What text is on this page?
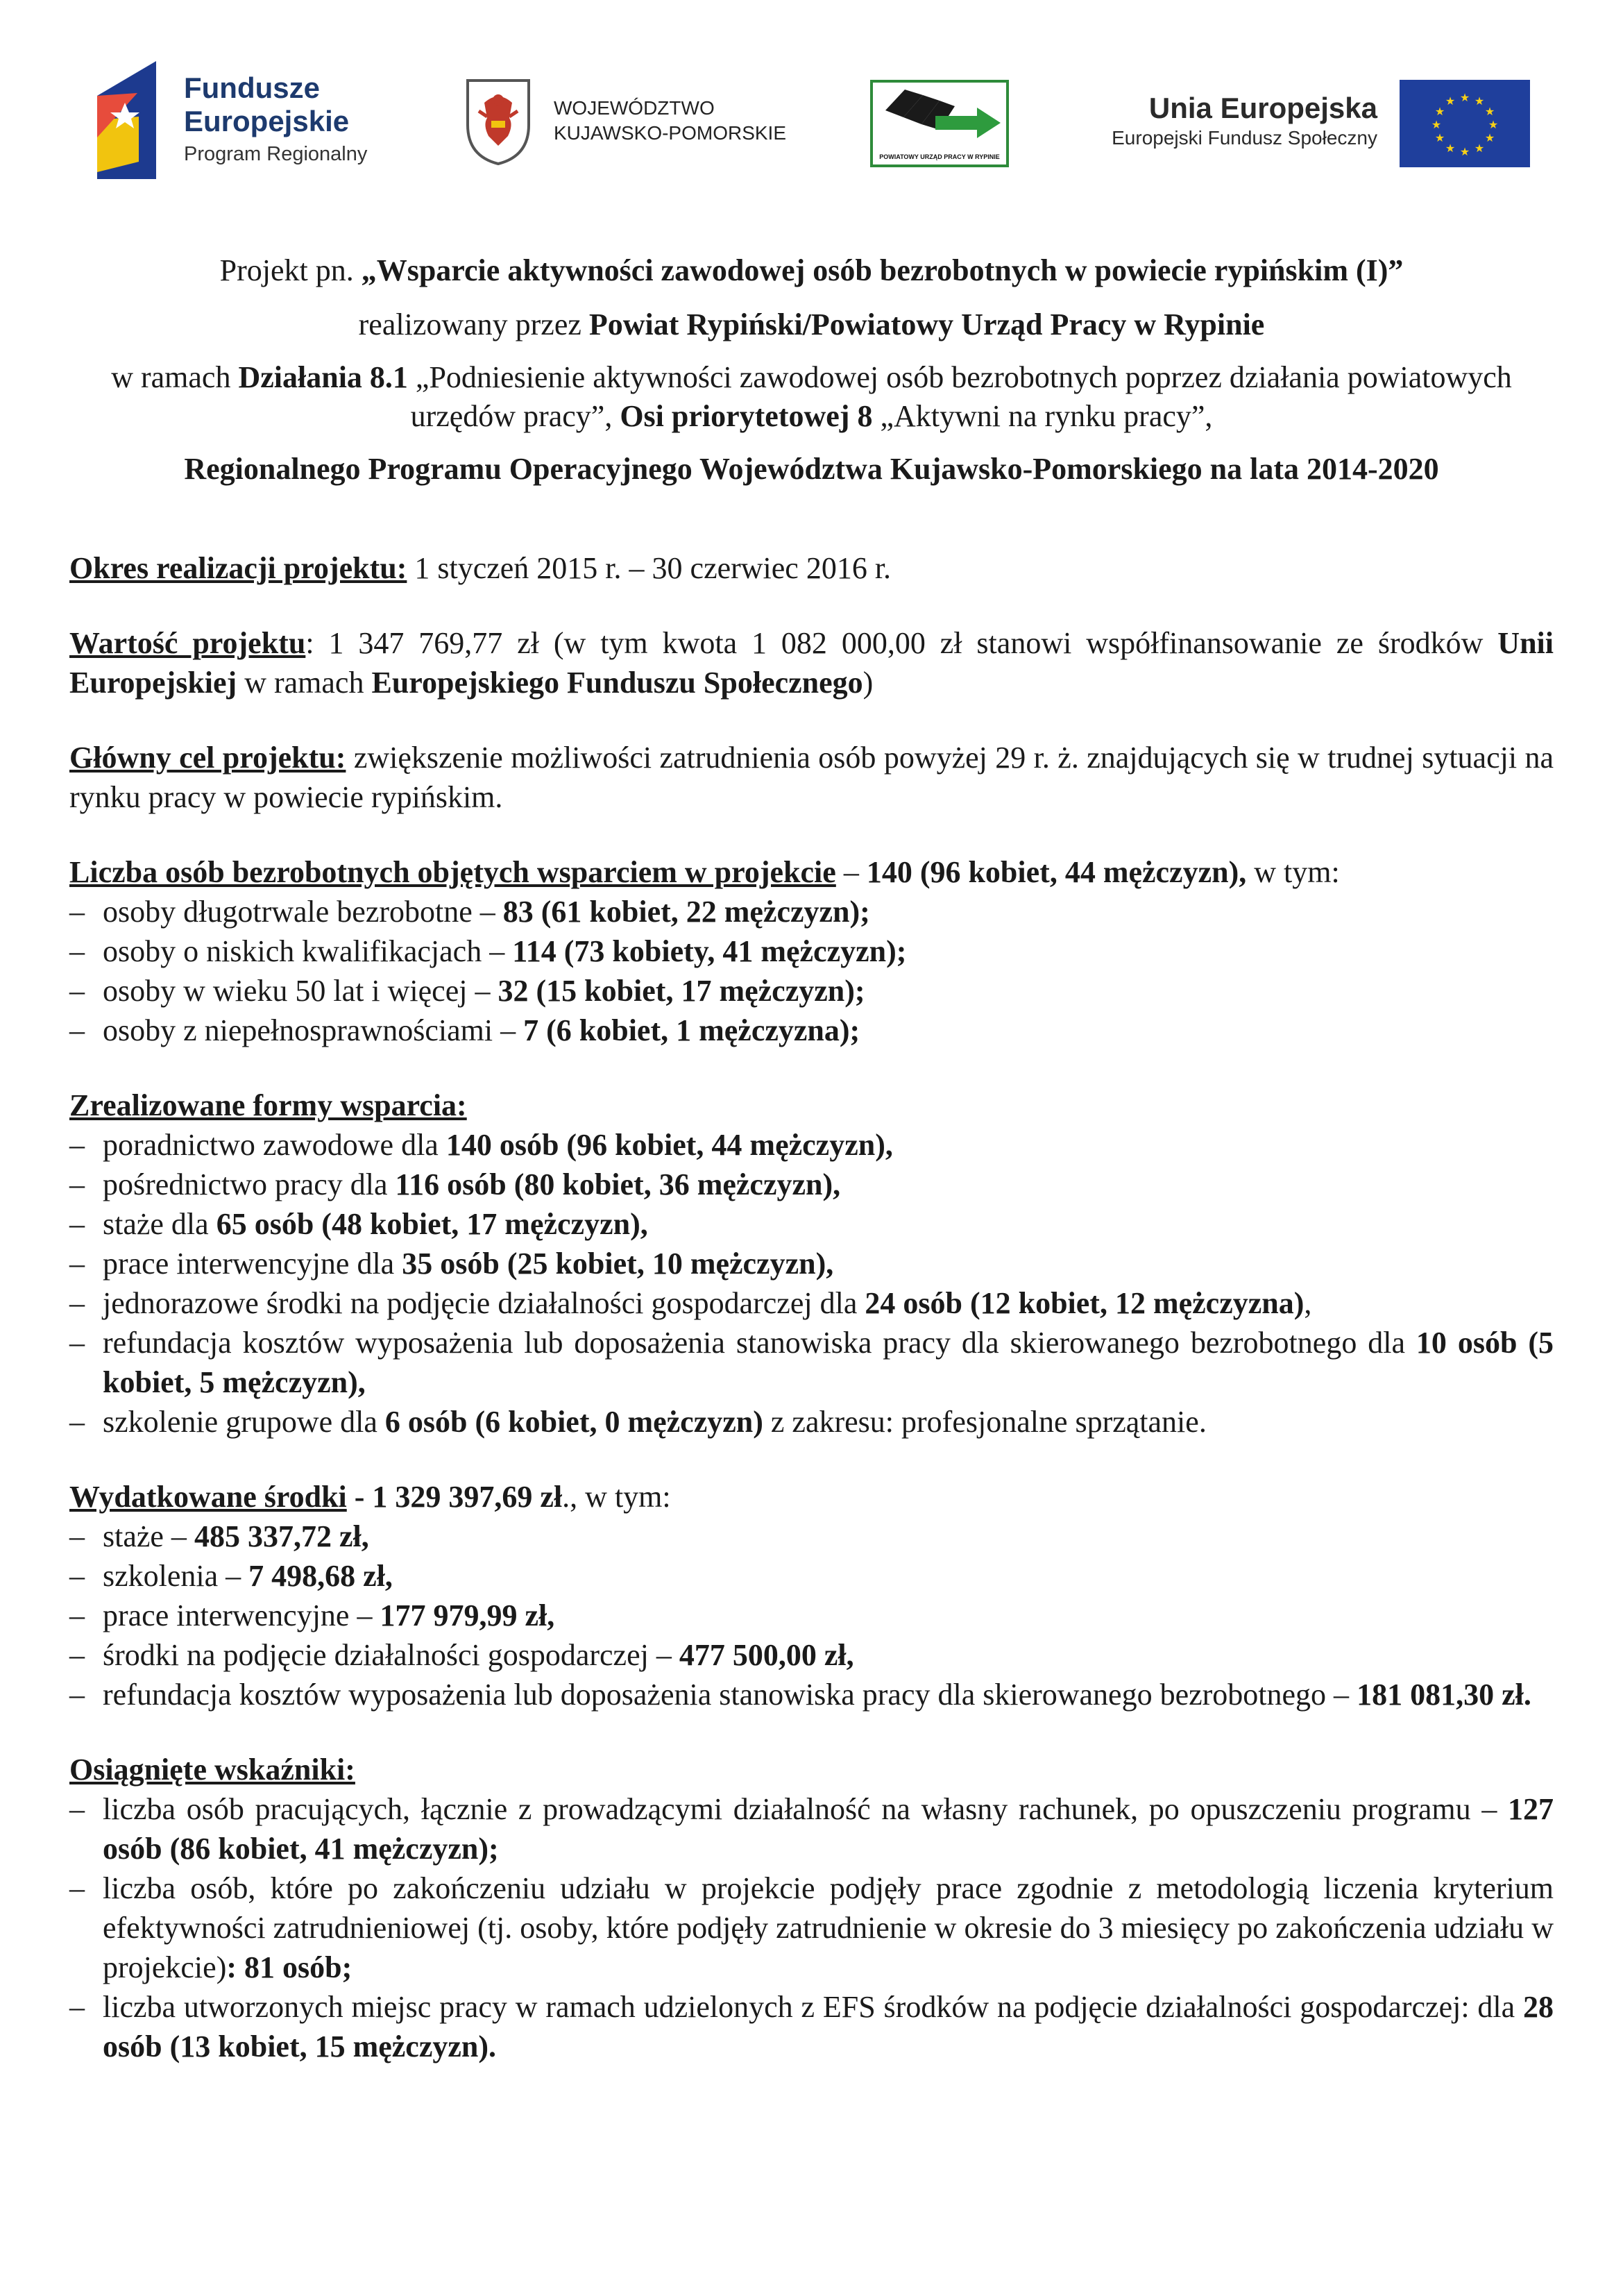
Fundusze
Europejskie
Program Regionalny
WOJEWÓDZTWO
KUJAWSKO-POMORSKIE
POWIATOWY URZĄD PRACY W RYPINIE
Unia Europejska
Europejski Fundusz Społeczny
★ ★
★
★
★
★
★
★
★
★
★
★

Projekt pn. „Wsparcie aktywności zawodowej osób bezrobotnych w powiecie rypińskim (I)”

realizowany przez Powiat Rypiński/Powiatowy Urząd Pracy w Rypinie

w ramach Działania 8.1 „Podniesienie aktywności zawodowej osób bezrobotnych poprzez działania powiatowych urzędów pracy”, Osi priorytetowej 8 „Aktywni na rynku pracy”,

Regionalnego Programu Operacyjnego Województwa Kujawsko-Pomorskiego na lata 2014-2020

Okres realizacji projektu: 1 styczeń 2015 r. – 30 czerwiec 2016 r.

Wartość projektu: 1 347 769,77 zł (w tym kwota 1 082 000,00 zł stanowi współfinansowanie ze środków Unii Europejskiej w ramach Europejskiego Funduszu Społecznego)

Główny cel projektu: zwiększenie możliwości zatrudnienia osób powyżej 29 r. ż. znajdujących się w trudnej sytuacji na rynku pracy w powiecie rypińskim.

Liczba osób bezrobotnych objętych wsparciem w projekcie – 140 (96 kobiet, 44 mężczyzn), w tym:

– osoby długotrwale bezrobotne – 83 (61 kobiet, 22 mężczyzn);
– osoby o niskich kwalifikacjach – 114 (73 kobiety, 41 mężczyzn);
– osoby w wieku 50 lat i więcej – 32 (15 kobiet, 17 mężczyzn);
– osoby z niepełnosprawnościami – 7 (6 kobiet, 1 mężczyzna);

Zrealizowane formy wsparcia:

– poradnictwo zawodowe dla 140 osób (96 kobiet, 44 mężczyzn),
– pośrednictwo pracy dla 116 osób (80 kobiet, 36 mężczyzn),
– staże dla 65 osób (48 kobiet, 17 mężczyzn),
– prace interwencyjne dla 35 osób (25 kobiet, 10 mężczyzn),
– jednorazowe środki na podjęcie działalności gospodarczej dla 24 osób (12 kobiet, 12 mężczyzna),
– refundacja kosztów wyposażenia lub doposażenia stanowiska pracy dla skierowanego bezrobotnego dla 10 osób (5 kobiet, 5 mężczyzn),
– szkolenie grupowe dla 6 osób (6 kobiet, 0 mężczyzn) z zakresu: profesjonalne sprzątanie.

Wydatkowane środki - 1 329 397,69 zł., w tym:

– staże – 485 337,72 zł,
– szkolenia – 7 498,68 zł,
– prace interwencyjne – 177 979,99 zł,
– środki na podjęcie działalności gospodarczej – 477 500,00 zł,
– refundacja kosztów wyposażenia lub doposażenia stanowiska pracy dla skierowanego bezrobotnego – 181 081,30 zł.

Osiągnięte wskaźniki:

– liczba osób pracujących, łącznie z prowadzącymi działalność na własny rachunek, po opuszczeniu programu – 127 osób (86 kobiet, 41 mężczyzn);
– liczba osób, które po zakończeniu udziału w projekcie podjęły prace zgodnie z metodologią liczenia kryterium efektywności zatrudnieniowej (tj. osoby, które podjęły zatrudnienie w okresie do 3 miesięcy po zakończenia udziału w projekcie): 81 osób;
– liczba utworzonych miejsc pracy w ramach udzielonych z EFS środków na podjęcie działalności gospodarczej: dla 28 osób (13 kobiet, 15 mężczyzn).
